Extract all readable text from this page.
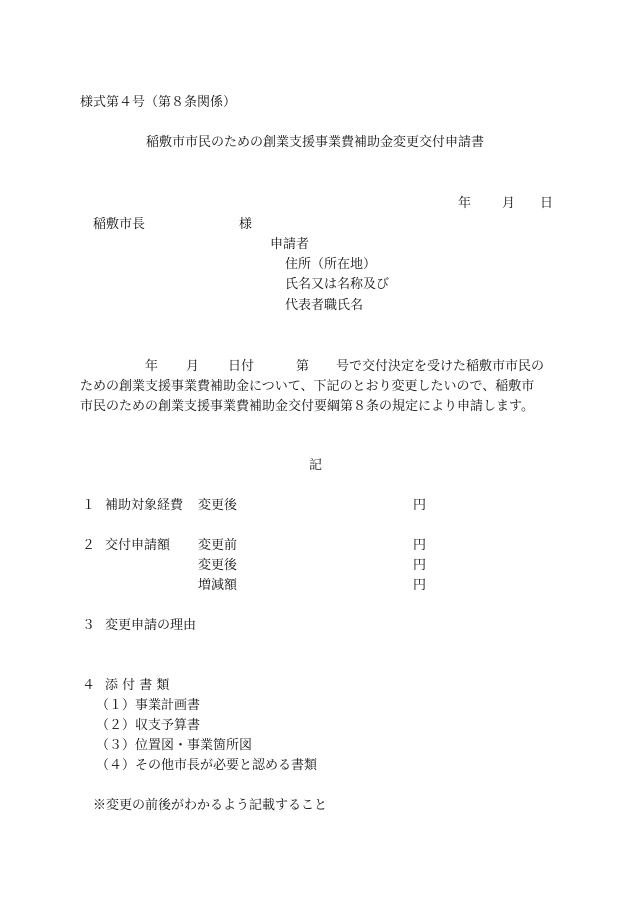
様式第４号（第８条関係）
稲敷市市民のための創業支援事業費補助金変更交付申請書
年 月 日
稲敷市長	様
申請者
住所（所在地）
氏名又は名称及び
代表者職氏名
年 月 日付	第 号で交付決定を受けた稲敷市市民の
ための創業支援事業費補助金について、下記のとおり変更したいので、稲敷市
市民のための創業支援事業費補助金交付要綱第８条の規定により申請します。
記
１ 補助対象経費 変更後	円
２ 交付申請額 変更前	円
変更後	円
増減額	円
３ 変更申請の理由
４ 添 付 書 類
（１）事業計画書
（２）収支予算書
（３）位置図・事業箇所図
（４）その他市長が必要と認める書類
※変更の前後がわかるよう記載すること
